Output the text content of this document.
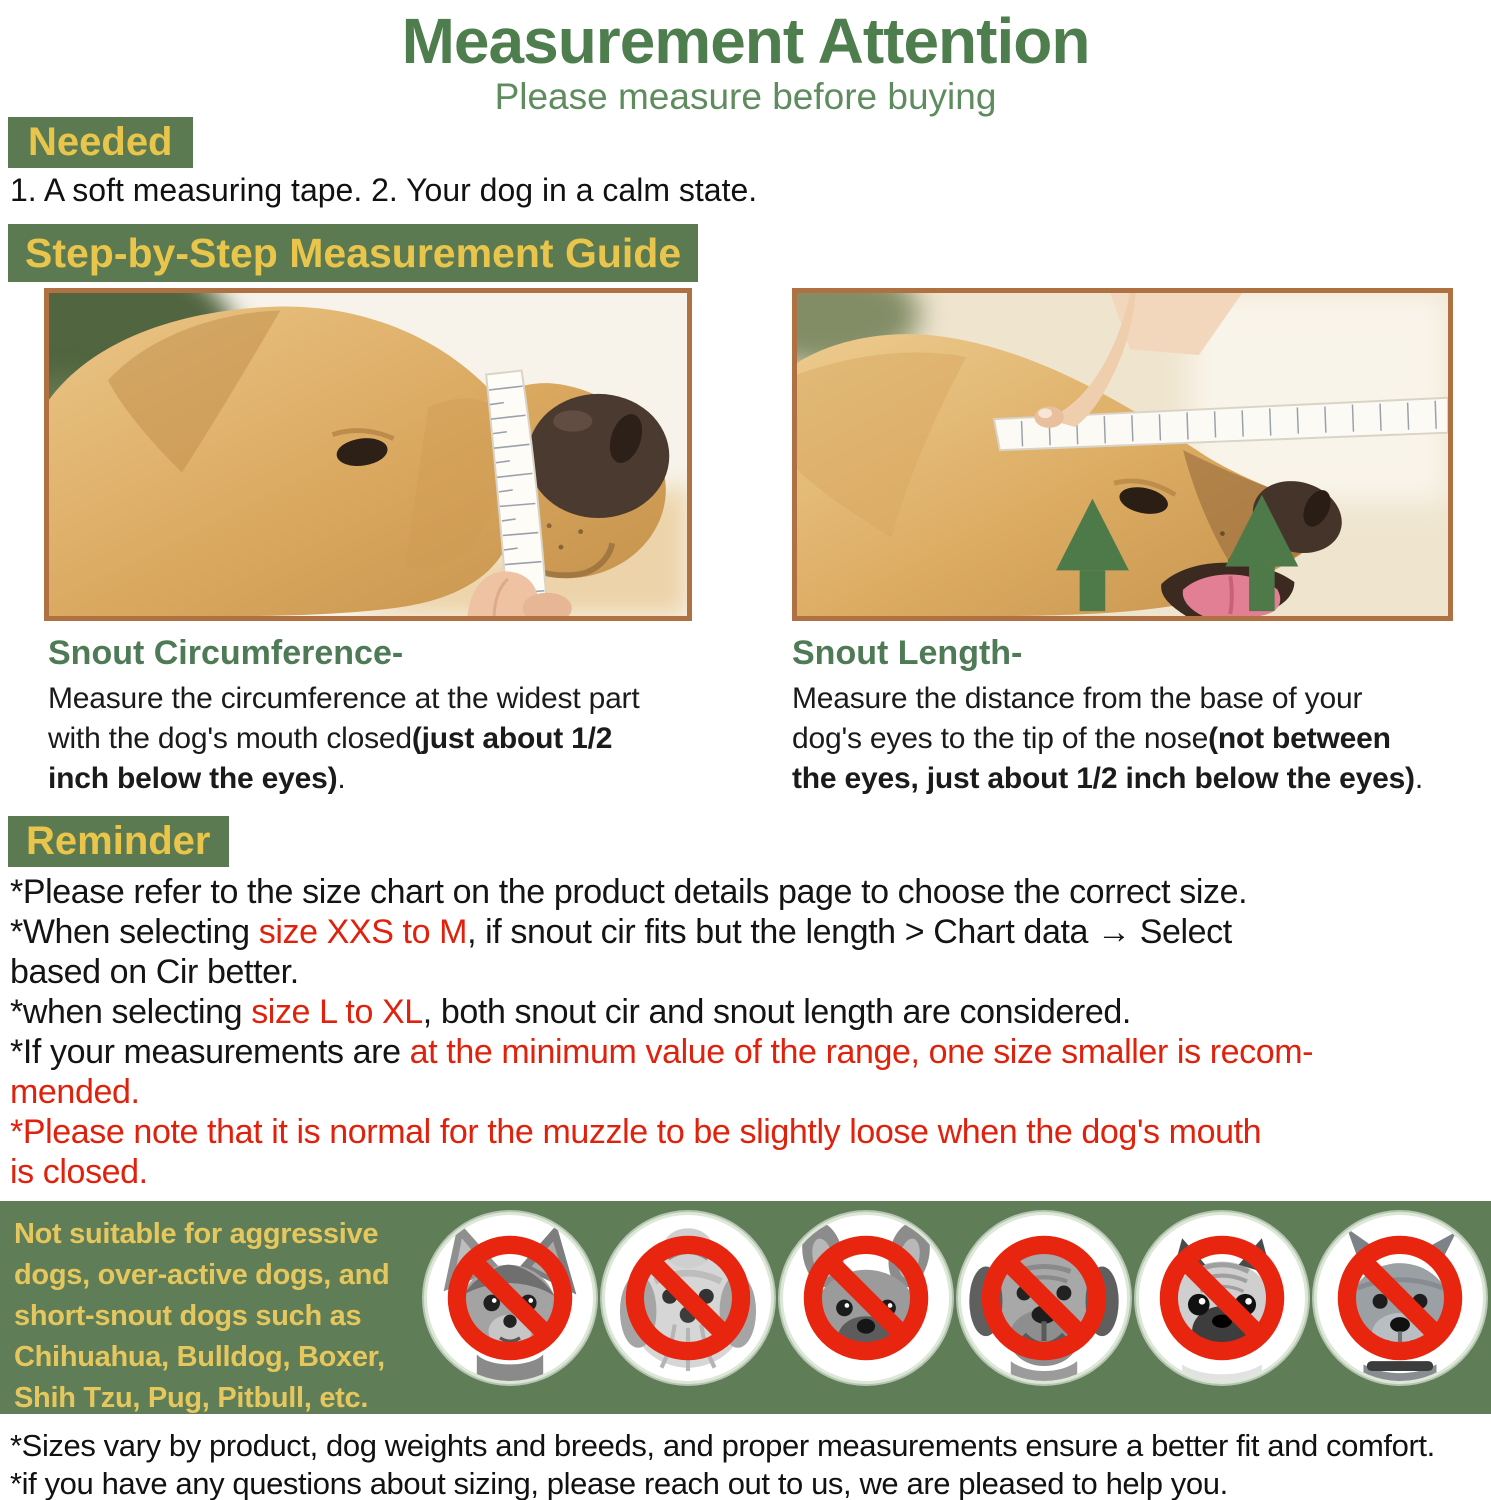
Measurement Attention
Please measure before buying
Needed
1. A soft measuring tape. 2. Your dog in a calm state.
Step-by-Step Measurement Guide
Snout Circumference-
Measure the circumference at the widest part
with the dog's mouth closed(just about 1/2
inch below the eyes).
Snout Length-
Measure the distance from the base of your
dog's eyes to the tip of the nose(not between
the eyes, just about 1/2 inch below the eyes).
Reminder
*Please refer to the size chart on the product details page to choose the correct size.
*When selecting size XXS to M, if snout cir fits but the length > Chart data → Select
based on Cir better.
*when selecting size L to XL, both snout cir and snout length are considered.
*If your measurements are at the minimum value of the range, one size smaller is recom-
mended.
*Please note that it is normal for the muzzle to be slightly loose when the dog's mouth
is closed.
Not suitable for aggressive
dogs, over-active dogs, and
short-snout dogs such as
Chihuahua, Bulldog, Boxer,
Shih Tzu, Pug, Pitbull, etc.
*Sizes vary by product, dog weights and breeds, and proper measurements ensure a better fit and comfort.
*if you have any questions about sizing, please reach out to us, we are pleased to help you.
